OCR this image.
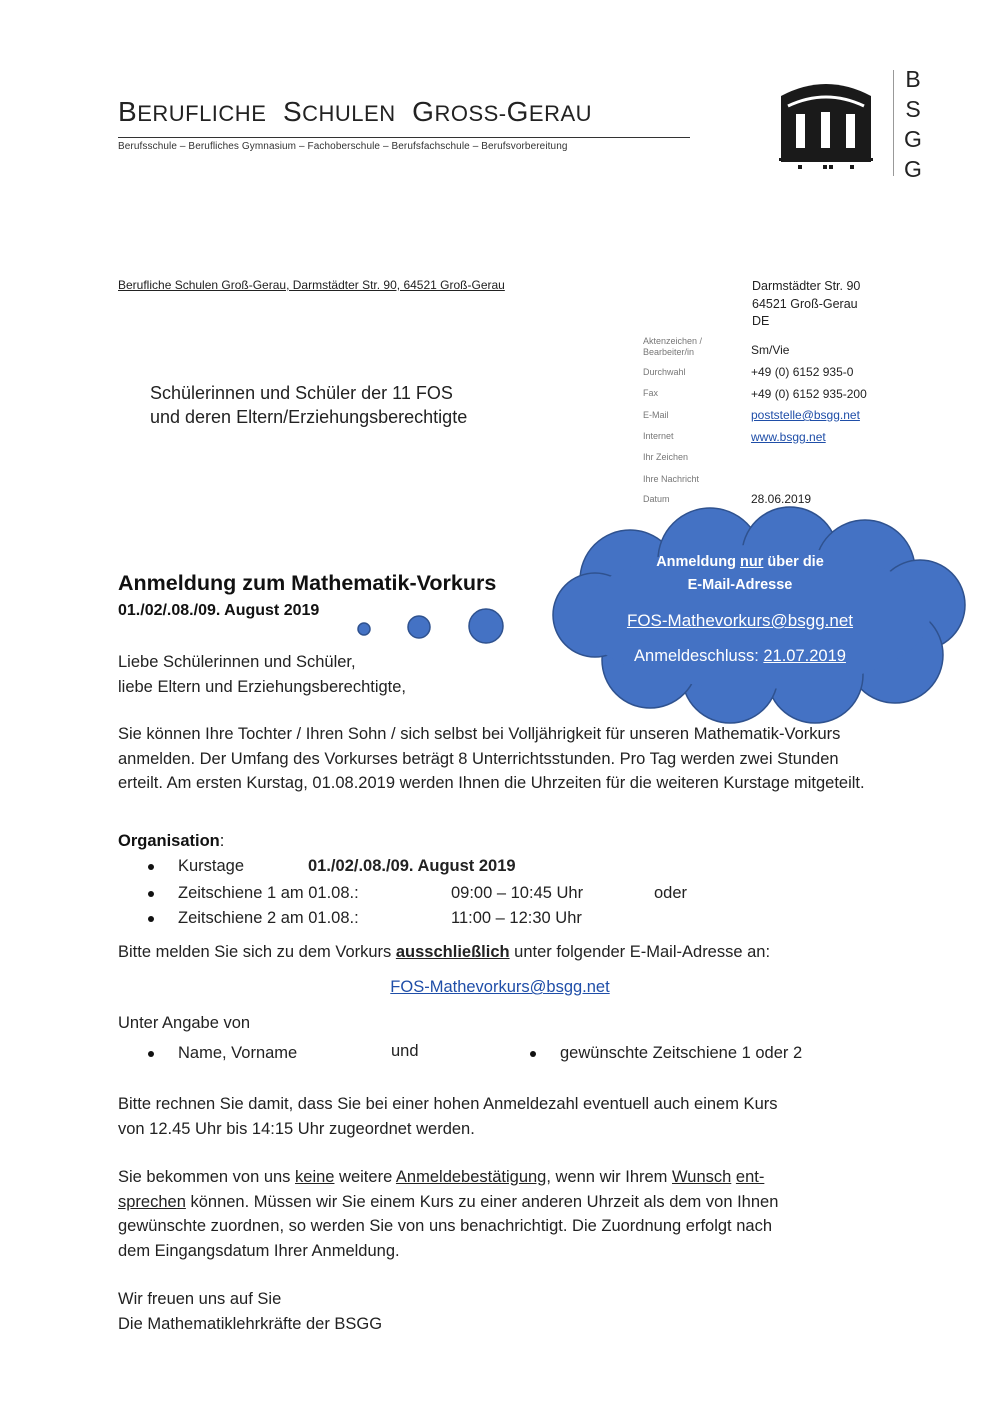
BERUFLICHE SCHULEN GROSS-GERAU
Berufsschule – Berufliches Gymnasium – Fachoberschule – Berufsfachschule – Berufsvorbereitung
B
S
G
G
Berufliche Schulen Groß-Gerau, Darmstädter Str. 90, 64521 Groß-Gerau	Darmstädter Str. 90
64521 Groß-Gerau
DE
Schülerinnen und Schüler der 11 FOS
und deren Eltern/Erziehungsberechtigte
Aktenzeichen /
Bearbeiter/in	Sm/Vie
Durchwahl	+49 (0) 6152 935-0
Fax	+49 (0) 6152 935-200
E-Mail	poststelle@bsgg.net
Internet	www.bsgg.net
Ihr Zeichen
Ihre Nachricht
Datum	28.06.2019
Anmeldung nur über die
E-Mail-Adresse
FOS-Mathevorkurs@bsgg.net
Anmeldeschluss: 21.07.2019
Anmeldung zum Mathematik-Vorkurs
01./02/.08./09. August 2019
Liebe Schülerinnen und Schüler,
liebe Eltern und Erziehungsberechtigte,
Sie können Ihre Tochter / Ihren Sohn / sich selbst bei Volljährigkeit für unseren Mathematik-Vorkurs anmelden. Der Umfang des Vorkurses beträgt 8 Unterrichtsstunden. Pro Tag werden zwei Stunden erteilt. Am ersten Kurstag, 01.08.2019 werden Ihnen die Uhrzeiten für die weiteren Kurstage mitgeteilt.
Organisation:
Kurstage	01./02/.08./09. August 2019
Zeitschiene 1 am 01.08.:	09:00 – 10:45 Uhr	oder
Zeitschiene 2 am 01.08.:	11:00 – 12:30 Uhr
Bitte melden Sie sich zu dem Vorkurs ausschließlich unter folgender E-Mail-Adresse an:
FOS-Mathevorkurs@bsgg.net
Unter Angabe von
Name, Vorname	und	gewünschte Zeitschiene 1 oder 2
Bitte rechnen Sie damit, dass Sie bei einer hohen Anmeldezahl eventuell auch einem Kurs
von 12.45 Uhr bis 14:15 Uhr zugeordnet werden.
Sie bekommen von uns keine weitere Anmeldebestätigung, wenn wir Ihrem Wunsch ent-
sprechen können. Müssen wir Sie einem Kurs zu einer anderen Uhrzeit als dem von Ihnen
gewünschte zuordnen, so werden Sie von uns benachrichtigt. Die Zuordnung erfolgt nach
dem Eingangsdatum Ihrer Anmeldung.
Wir freuen uns auf Sie
Die Mathematiklehrkräfte der BSGG
